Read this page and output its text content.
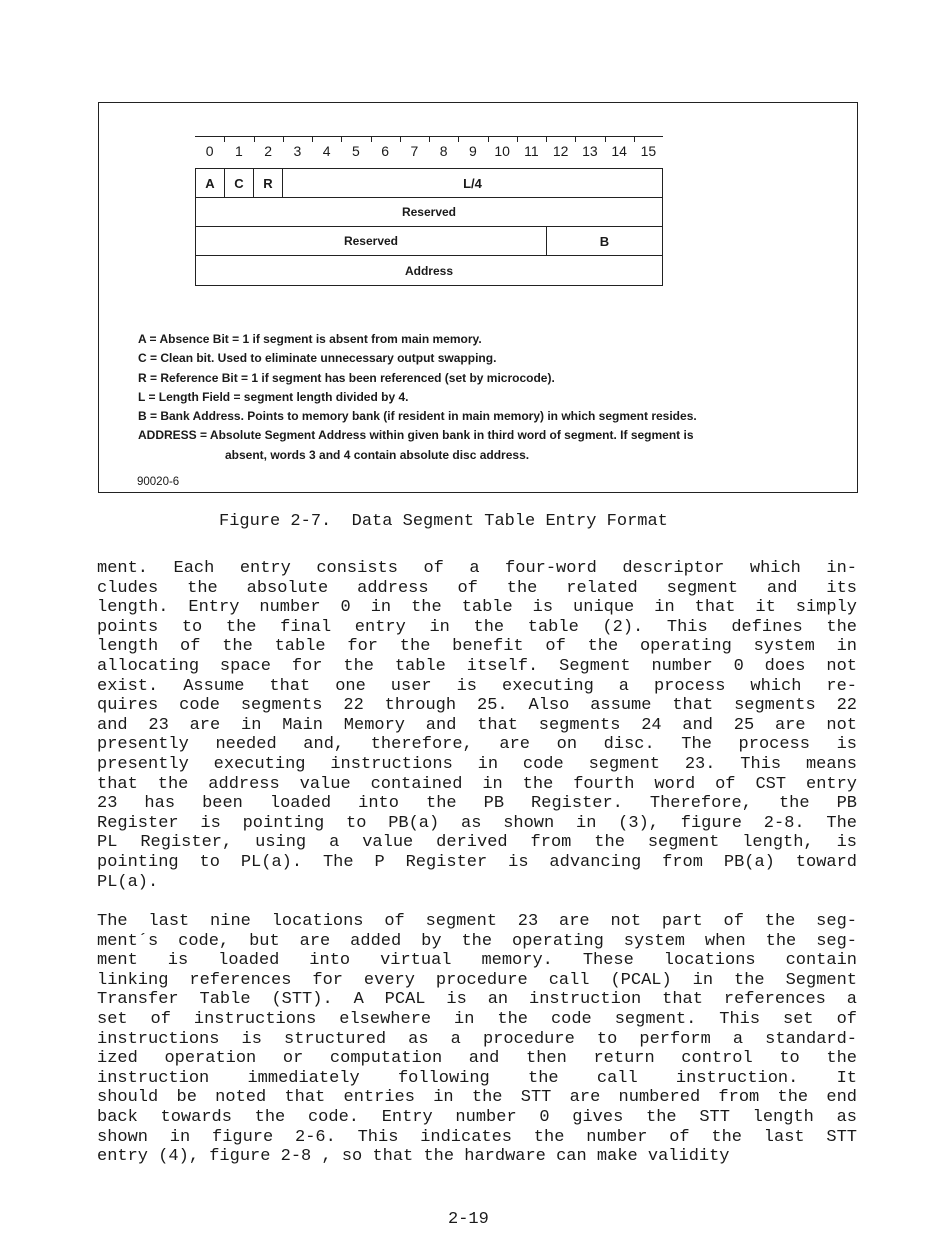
0	1	2	3	4	5	6	7	8	9	10	11	12 13 14 15
A	C	R	L/4
Reserved
Reserved	B
Address
A = Absence Bit = 1 if segment is absent from main memory.
C = Clean bit. Used to eliminate unnecessary output swapping.
R = Reference Bit = 1 if segment has been referenced (set by microcode).
L = Length Field = segment length divided by 4.
B = Bank Address. Points to memory bank (if resident in main memory) in which segment resides.
ADDRESS = Absolute Segment Address within given bank in third word of segment. If segment is
absent, words 3 and 4 contain absolute disc address.
90020-6
Figure 2-7.  Data Segment Table Entry Format
ment. Each entry consists of a four-word descriptor which in-
cludes the absolute address of the related segment and its
length. Entry number 0 in the table is unique in that it simply
points to the final entry in the table (2). This defines the
length of the table for the benefit of the operating system in
allocating space for the table itself. Segment number 0 does not
exist. Assume that one user is executing a process which re-
quires code segments 22 through 25. Also assume that segments 22
and 23 are in Main Memory and that segments 24 and 25 are not
presently needed and, therefore, are on disc. The process is
presently executing instructions in code segment 23. This means
that the address value contained in the fourth word of CST entry
23 has been loaded into the PB Register. Therefore, the PB
Register is pointing to PB(a) as shown in (3), figure 2-8. The
PL Register, using a value derived from the segment length, is
pointing to PL(a). The P Register is advancing from PB(a) toward
PL(a).
The last nine locations of segment 23 are not part of the seg-
ment´s code, but are added by the operating system when the seg-
ment is loaded into virtual memory. These locations contain
linking references for every procedure call (PCAL) in the Segment
Transfer Table (STT). A PCAL is an instruction that references a
set of instructions elsewhere in the code segment. This set of
instructions is structured as a procedure to perform a standard-
ized operation or computation and then return control to the
instruction immediately following the call instruction. It
should be noted that entries in the STT are numbered from the end
back towards the code. Entry number 0 gives the STT length as
shown in figure 2-6. This indicates the number of the last STT
entry (4), figure 2-8 , so that the hardware can make validity
2-19
